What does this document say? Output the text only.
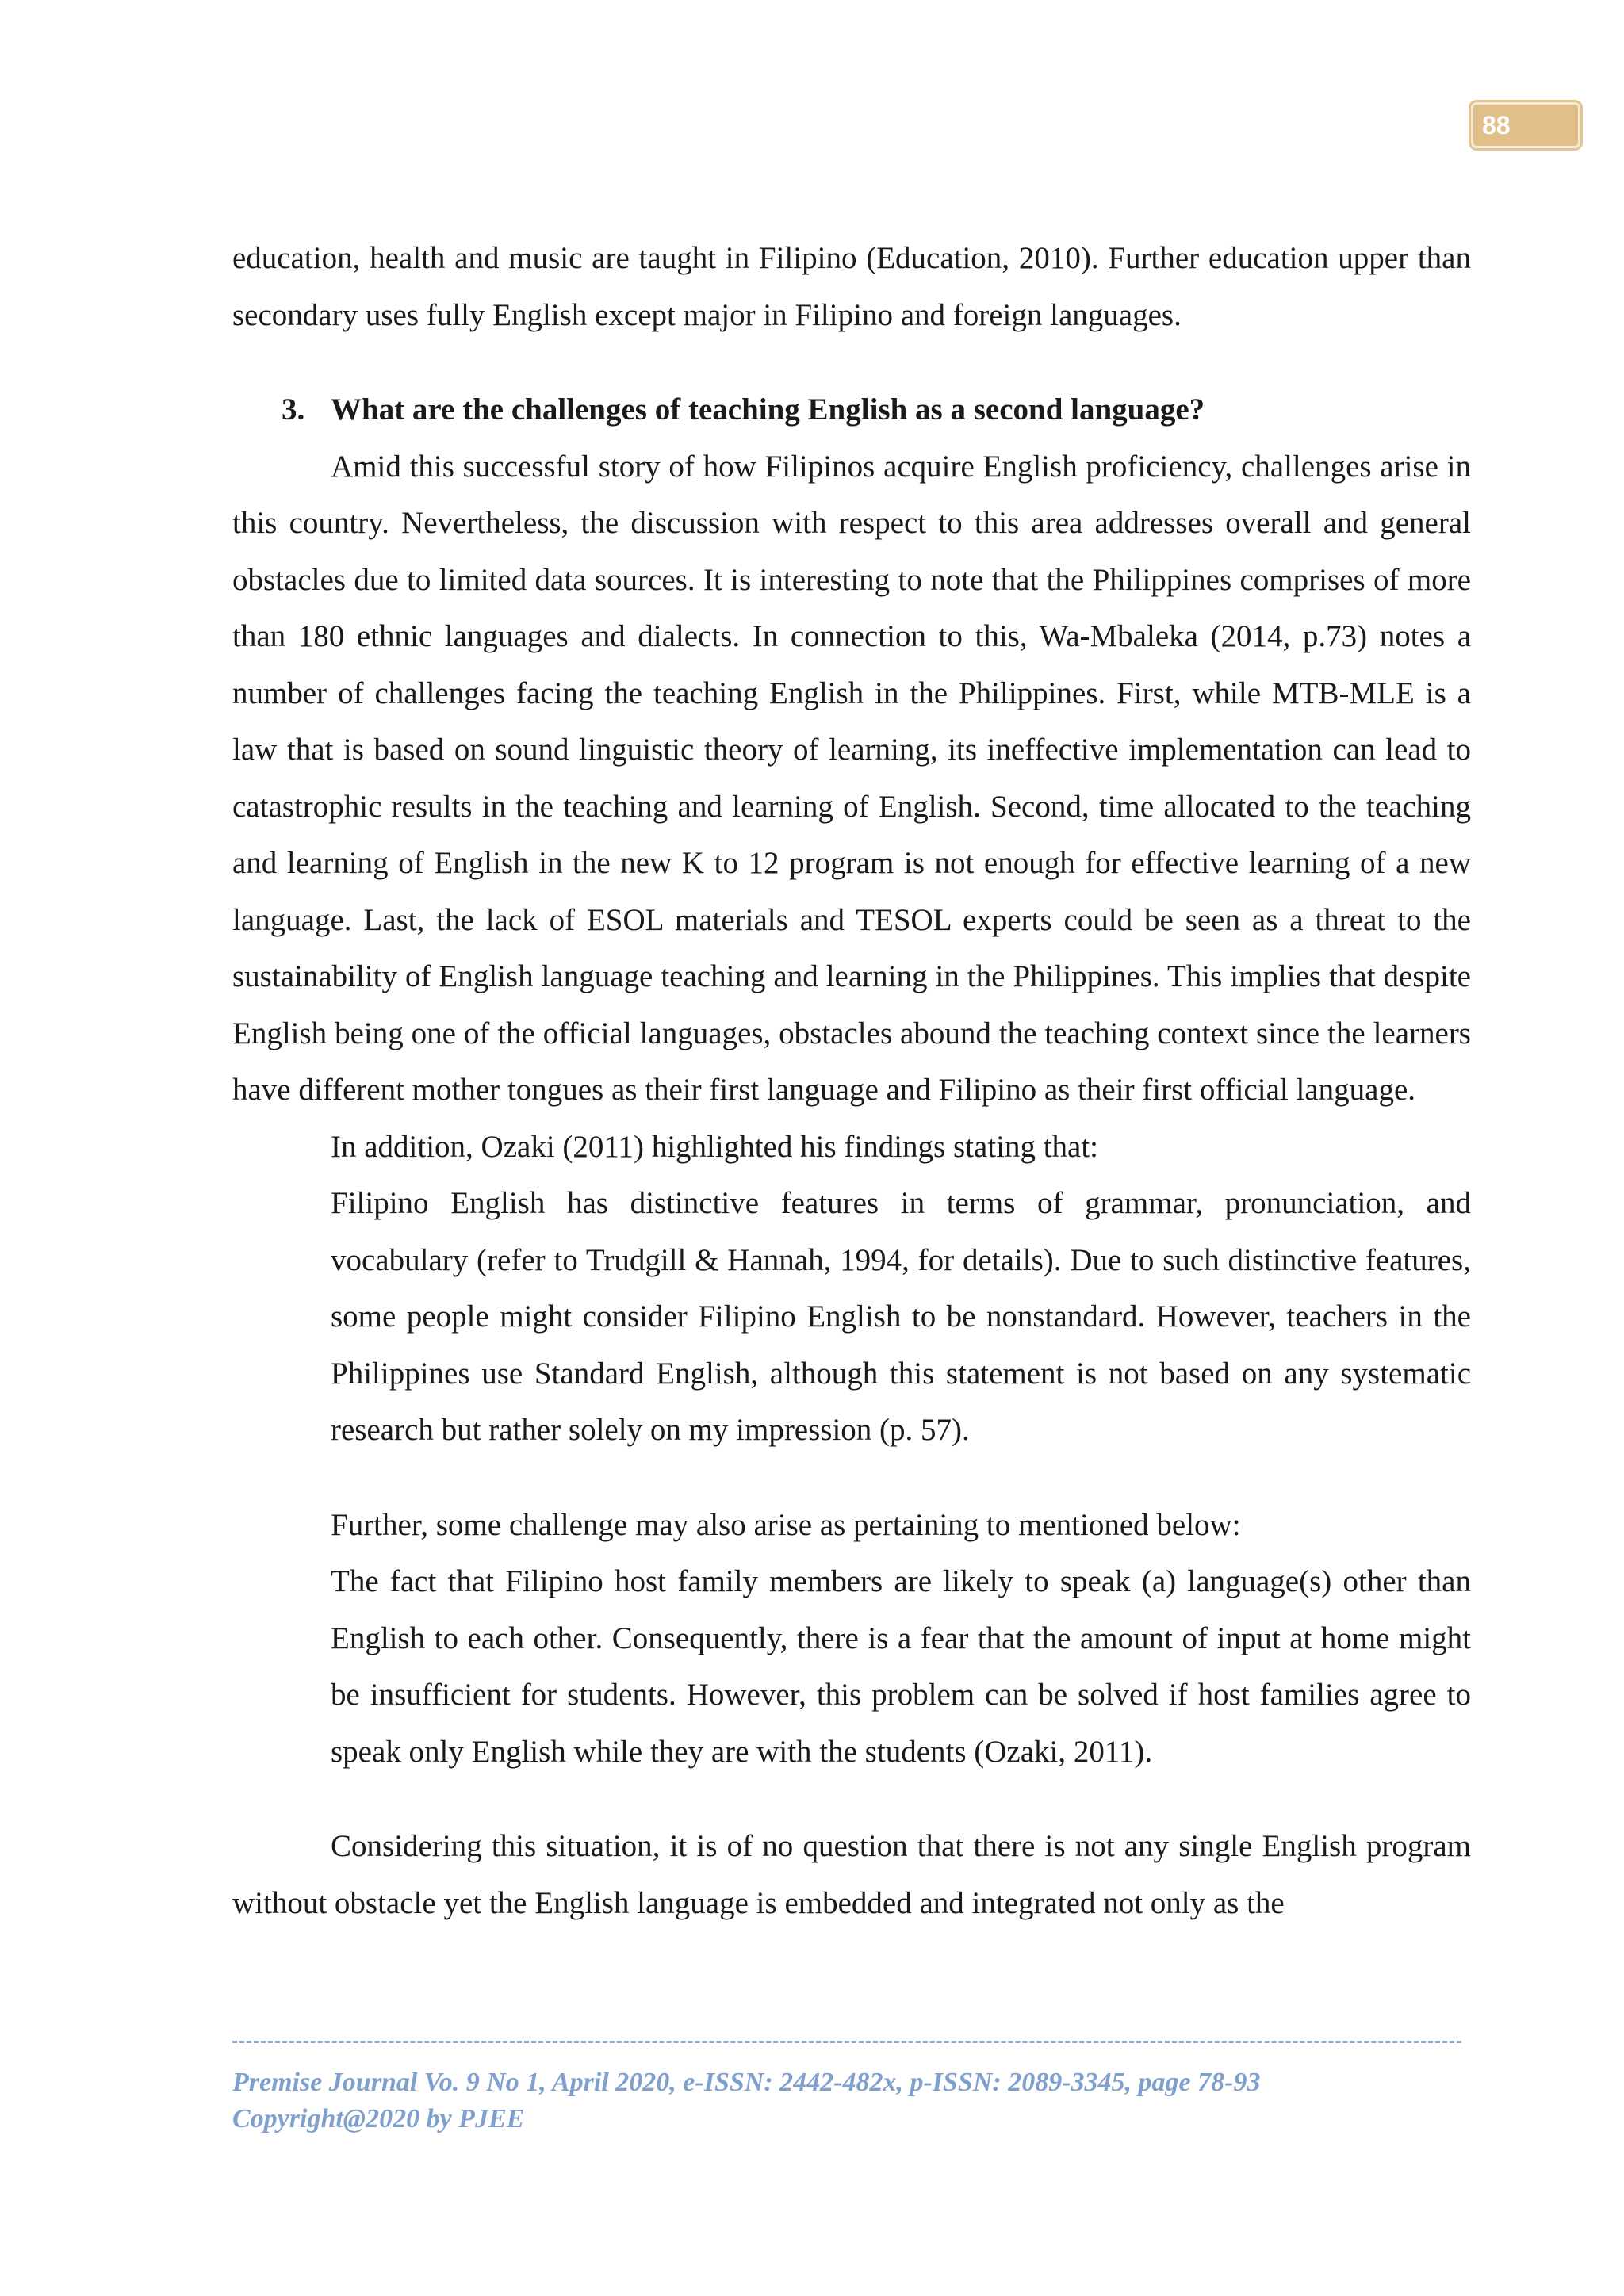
88

education, health and music are taught in Filipino (Education, 2010). Further education upper than secondary uses fully English except major in Filipino and foreign languages.

3. What are the challenges of teaching English as a second language?

Amid this successful story of how Filipinos acquire English proficiency, challenges arise in this country. Nevertheless, the discussion with respect to this area addresses overall and general obstacles due to limited data sources. It is interesting to note that the Philippines comprises of more than 180 ethnic languages and dialects. In connection to this, Wa-Mbaleka (2014, p.73) notes a number of challenges facing the teaching English in the Philippines. First, while MTB-MLE is a law that is based on sound linguistic theory of learning, its ineffective implementation can lead to catastrophic results in the teaching and learning of English. Second, time allocated to the teaching and learning of English in the new K to 12 program is not enough for effective learning of a new language. Last, the lack of ESOL materials and TESOL experts could be seen as a threat to the sustainability of English language teaching and learning in the Philippines. This implies that despite English being one of the official languages, obstacles abound the teaching context since the learners have different mother tongues as their first language and Filipino as their first official language.

In addition, Ozaki (2011) highlighted his findings stating that:

Filipino English has distinctive features in terms of grammar, pronunciation, and vocabulary (refer to Trudgill & Hannah, 1994, for details). Due to such distinctive features, some people might consider Filipino English to be nonstandard. However, teachers in the Philippines use Standard English, although this statement is not based on any systematic research but rather solely on my impression (p. 57).

Further, some challenge may also arise as pertaining to mentioned below:

The fact that Filipino host family members are likely to speak (a) language(s) other than English to each other. Consequently, there is a fear that the amount of input at home might be insufficient for students. However, this problem can be solved if host families agree to speak only English while they are with the students (Ozaki, 2011).

Considering this situation, it is of no question that there is not any single English program without obstacle yet the English language is embedded and integrated not only as the

Premise Journal Vo. 9 No 1, April 2020, e-ISSN: 2442-482x, p-ISSN: 2089-3345, page 78-93
Copyright@2020 by PJEE
